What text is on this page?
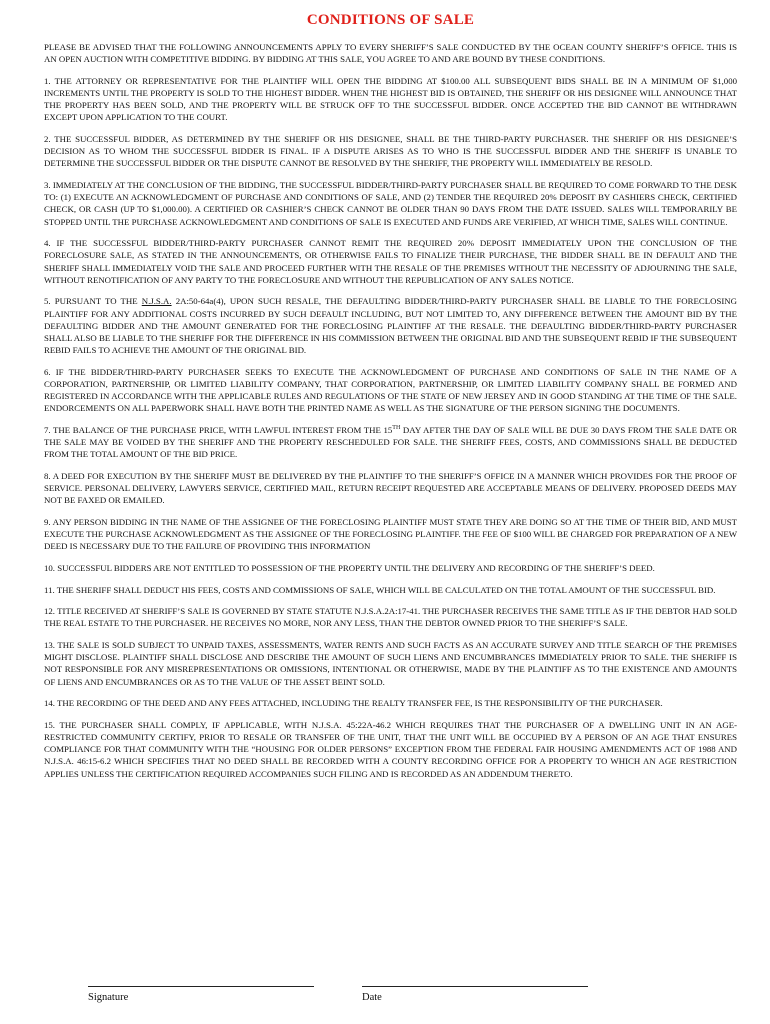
CONDITIONS OF SALE

PLEASE BE ADVISED THAT THE FOLLOWING ANNOUNCEMENTS APPLY TO EVERY SHERIFF’S SALE CONDUCTED BY THE OCEAN COUNTY SHERIFF’S OFFICE. THIS IS AN OPEN AUCTION WITH COMPETITIVE BIDDING. BY BIDDING AT THIS SALE, YOU AGREE TO AND ARE BOUND BY THESE CONDITIONS.

1. THE ATTORNEY OR REPRESENTATIVE FOR THE PLAINTIFF WILL OPEN THE BIDDING AT $100.00 ALL SUBSEQUENT BIDS SHALL BE IN A MINIMUM OF $1,000 INCREMENTS UNTIL THE PROPERTY IS SOLD TO THE HIGHEST BIDDER. WHEN THE HIGHEST BID IS OBTAINED, THE SHERIFF OR HIS DESIGNEE WILL ANNOUNCE THAT THE PROPERTY HAS BEEN SOLD, AND THE PROPERTY WILL BE STRUCK OFF TO THE SUCCESSFUL BIDDER. ONCE ACCEPTED THE BID CANNOT BE WITHDRAWN EXCEPT UPON APPLICATION TO THE COURT.

2. THE SUCCESSFUL BIDDER, AS DETERMINED BY THE SHERIFF OR HIS DESIGNEE, SHALL BE THE THIRD-PARTY PURCHASER. THE SHERIFF OR HIS DESIGNEE’S DECISION AS TO WHOM THE SUCCESSFUL BIDDER IS FINAL. IF A DISPUTE ARISES AS TO WHO IS THE SUCCESSFUL BIDDER AND THE SHERIFF IS UNABLE TO DETERMINE THE SUCCESSFUL BIDDER OR THE DISPUTE CANNOT BE RESOLVED BY THE SHERIFF, THE PROPERTY WILL IMMEDIATELY BE RESOLD.

3. IMMEDIATELY AT THE CONCLUSION OF THE BIDDING, THE SUCCESSFUL BIDDER/THIRD-PARTY PURCHASER SHALL BE REQUIRED TO COME FORWARD TO THE DESK TO: (1) EXECUTE AN ACKNOWLEDGMENT OF PURCHASE AND CONDITIONS OF SALE, AND (2) TENDER THE REQUIRED 20% DEPOSIT BY CASHIERS CHECK, CERTIFIED CHECK, OR CASH (UP TO $1,000.00). A CERTIFIED OR CASHIER’S CHECK CANNOT BE OLDER THAN 90 DAYS FROM THE DATE ISSUED. SALES WILL TEMPORARILY BE STOPPED UNTIL THE PURCHASE ACKNOWLEDGMENT AND CONDITIONS OF SALE IS EXECUTED AND FUNDS ARE VERIFIED, AT WHICH TIME, SALES WILL CONTINUE.

4. IF THE SUCCESSFUL BIDDER/THIRD-PARTY PURCHASER CANNOT REMIT THE REQUIRED 20% DEPOSIT IMMEDIATELY UPON THE CONCLUSION OF THE FORECLOSURE SALE, AS STATED IN THE ANNOUNCEMENTS, OR OTHERWISE FAILS TO FINALIZE THEIR PURCHASE, THE BIDDER SHALL BE IN DEFAULT AND THE SHERIFF SHALL IMMEDIATELY VOID THE SALE AND PROCEED FURTHER WITH THE RESALE OF THE PREMISES WITHOUT THE NECESSITY OF ADJOURNING THE SALE, WITHOUT RENOTIFICATION OF ANY PARTY TO THE FORECLOSURE AND WITHOUT THE REPUBLICATION OF ANY SALES NOTICE.

5. PURSUANT TO THE N.J.S.A. 2A:50-64a(4), UPON SUCH RESALE, THE DEFAULTING BIDDER/THIRD-PARTY PURCHASER SHALL BE LIABLE TO THE FORECLOSING PLAINTIFF FOR ANY ADDITIONAL COSTS INCURRED BY SUCH DEFAULT INCLUDING, BUT NOT LIMITED TO, ANY DIFFERENCE BETWEEN THE AMOUNT BID BY THE DEFAULTING BIDDER AND THE AMOUNT GENERATED FOR THE FORECLOSING PLAINTIFF AT THE RESALE. THE DEFAULTING BIDDER/THIRD-PARTY PURCHASER SHALL ALSO BE LIABLE TO THE SHERIFF FOR THE DIFFERENCE IN HIS COMMISSION BETWEEN THE ORIGINAL BID AND THE SUBSEQUENT REBID IF THE SUBSEQUENT REBID FAILS TO ACHIEVE THE AMOUNT OF THE ORIGINAL BID.

6. IF THE BIDDER/THIRD-PARTY PURCHASER SEEKS TO EXECUTE THE ACKNOWLEDGMENT OF PURCHASE AND CONDITIONS OF SALE IN THE NAME OF A CORPORATION, PARTNERSHIP, OR LIMITED LIABILITY COMPANY, THAT CORPORATION, PARTNERSHIP, OR LIMITED LIABILITY COMPANY SHALL BE FORMED AND REGISTERED IN ACCORDANCE WITH THE APPLICABLE RULES AND REGULATIONS OF THE STATE OF NEW JERSEY AND IN GOOD STANDING AT THE TIME OF THE SALE. ENDORCEMENTS ON ALL PAPERWORK SHALL HAVE BOTH THE PRINTED NAME AS WELL AS THE SIGNATURE OF THE PERSON SIGNING THE DOCUMENTS.

7. THE BALANCE OF THE PURCHASE PRICE, WITH LAWFUL INTEREST FROM THE 15TH DAY AFTER THE DAY OF SALE WILL BE DUE 30 DAYS FROM THE SALE DATE OR THE SALE MAY BE VOIDED BY THE SHERIFF AND THE PROPERTY RESCHEDULED FOR SALE. THE SHERIFF FEES, COSTS, AND COMMISSIONS SHALL BE DEDUCTED FROM THE TOTAL AMOUNT OF THE BID PRICE.

8. A DEED FOR EXECUTION BY THE SHERIFF MUST BE DELIVERED BY THE PLAINTIFF TO THE SHERIFF’S OFFICE IN A MANNER WHICH PROVIDES FOR THE PROOF OF SERVICE. PERSONAL DELIVERY, LAWYERS SERVICE, CERTIFIED MAIL, RETURN RECEIPT REQUESTED ARE ACCEPTABLE MEANS OF DELIVERY. PROPOSED DEEDS MAY NOT BE FAXED OR EMAILED.

9. ANY PERSON BIDDING IN THE NAME OF THE ASSIGNEE OF THE FORECLOSING PLAINTIFF MUST STATE THEY ARE DOING SO AT THE TIME OF THEIR BID, AND MUST EXECUTE THE PURCHASE ACKNOWLEDGMENT AS THE ASSIGNEE OF THE FORECLOSING PLAINTIFF. THE FEE OF $100 WILL BE CHARGED FOR PREPARATION OF A NEW DEED IS NECESSARY DUE TO THE FAILURE OF PROVIDING THIS INFORMATION

10. SUCCESSFUL BIDDERS ARE NOT ENTITLED TO POSSESSION OF THE PROPERTY UNTIL THE DELIVERY AND RECORDING OF THE SHERIFF’S DEED.

11. THE SHERIFF SHALL DEDUCT HIS FEES, COSTS AND COMMISSIONS OF SALE, WHICH WILL BE CALCULATED ON THE TOTAL AMOUNT OF THE SUCCESSFUL BID.

12. TITLE RECEIVED AT SHERIFF’S SALE IS GOVERNED BY STATE STATUTE N.J.S.A.2A:17-41. THE PURCHASER RECEIVES THE SAME TITLE AS IF THE DEBTOR HAD SOLD THE REAL ESTATE TO THE PURCHASER. HE RECEIVES NO MORE, NOR ANY LESS, THAN THE DEBTOR OWNED PRIOR TO THE SHERIFF’S SALE.

13. THE SALE IS SOLD SUBJECT TO UNPAID TAXES, ASSESSMENTS, WATER RENTS AND SUCH FACTS AS AN ACCURATE SURVEY AND TITLE SEARCH OF THE PREMISES MIGHT DISCLOSE. PLAINTIFF SHALL DISCLOSE AND DESCRIBE THE AMOUNT OF SUCH LIENS AND ENCUMBRANCES IMMEDIATELY PRIOR TO SALE. THE SHERIFF IS NOT RESPONSIBLE FOR ANY MISREPRESENTATIONS OR OMISSIONS, INTENTIONAL OR OTHERWISE, MADE BY THE PLAINTIFF AS TO THE EXISTENCE AND AMOUNTS OF LIENS AND ENCUMBRANCES OR AS TO THE VALUE OF THE ASSET BEINT SOLD.

14. THE RECORDING OF THE DEED AND ANY FEES ATTACHED, INCLUDING THE REALTY TRANSFER FEE, IS THE RESPONSIBILITY OF THE PURCHASER.

15. THE PURCHASER SHALL COMPLY, IF APPLICABLE, WITH N.J.S.A. 45:22A-46.2 WHICH REQUIRES THAT THE PURCHASER OF A DWELLING UNIT IN AN AGE-RESTRICTED COMMUNITY CERTIFY, PRIOR TO RESALE OR TRANSFER OF THE UNIT, THAT THE UNIT WILL BE OCCUPIED BY A PERSON OF AN AGE THAT ENSURES COMPLIANCE FOR THAT COMMUNITY WITH THE “HOUSING FOR OLDER PERSONS” EXCEPTION FROM THE FEDERAL FAIR HOUSING AMENDMENTS ACT OF 1988 AND N.J.S.A. 46:15-6.2 WHICH SPECIFIES THAT NO DEED SHALL BE RECORDED WITH A COUNTY RECORDING OFFICE FOR A PROPERTY TO WHICH AN AGE RESTRICTION APPLIES UNLESS THE CERTIFICATION REQUIRED ACCOMPANIES SUCH FILING AND IS RECORDED AS AN ADDENDUM THERETO.

Signature	Date
